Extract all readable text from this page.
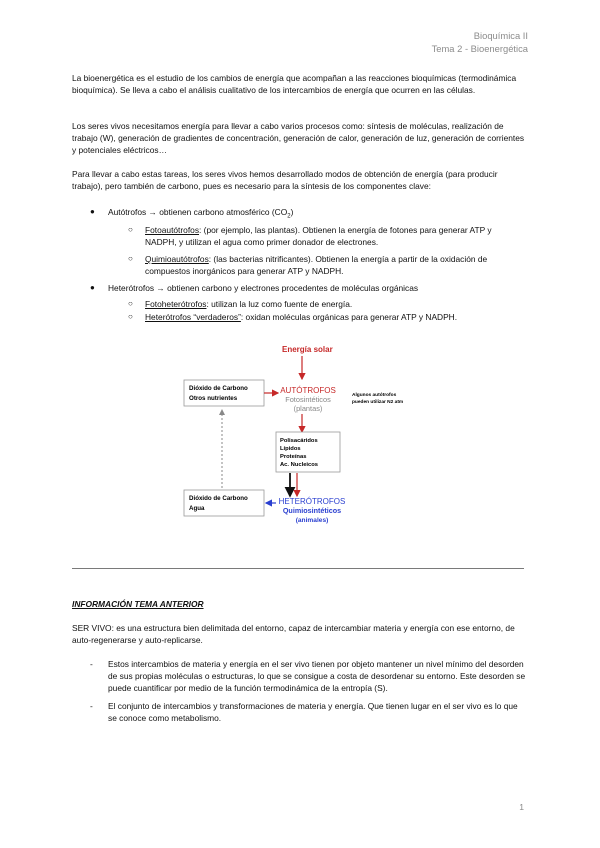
Bioquímica II
Tema 2 - Bioenergética

La bioenergética es el estudio de los cambios de energía que acompañan a las reacciones bioquímicas (termodinámica bioquímica). Se lleva a cabo el análisis cualitativo de los intercambios de energía que ocurren en las células.

Los seres vivos necesitamos energía para llevar a cabo varios procesos como: síntesis de moléculas, realización de trabajo (W), generación de gradientes de concentración, generación de calor, generación de luz, generación de corrientes y potenciales eléctricos…

Para llevar a cabo estas tareas, los seres vivos hemos desarrollado modos de obtención de energía (para producir trabajo), pero también de carbono, pues es necesario para la síntesis de los componentes clave:

● Autótrofos → obtienen carbono atmosférico $(CO_2)$
○ Fotoautótrofos: (por ejemplo, las plantas). Obtienen la energía de fotones para generar ATP y
NADPH, y utilizan el agua como primer donador de electrones.
○ Quimioautótrofos: (las bacterias nitrificantes). Obtienen la energía a partir de la oxidación de
compuestos inorgánicos para generar ATP y NADPH.
● Heterótrofos → obtienen carbono y electrones procedentes de moléculas orgánicas
○ Fotoheterótrofos: utilizan la luz como fuente de energía.
○ Heterótrofos “verdaderos”: oxidan moléculas orgánicas para generar ATP y NADPH.
Energía solar
Dióxido de Carbono
Otros nutrientes
AUTÓTROFOS
Fotosintéticos
(plantas)
Algunos autótrofos
pueden utilizar N2 atm
Polisacáridos
Lípidos
Proteínas
Ac. Nucleicos
HETERÓTROFOS
Quimiosintéticos
(animales)
Dióxido de Carbono
Agua
INFORMACIÓN TEMA ANTERIOR

SER VIVO: es una estructura bien delimitada del entorno, capaz de intercambiar materia y energía con ese entorno, de auto-regenerarse y auto-replicarse.

- Estos intercambios de materia y energía en el ser vivo tienen por objeto mantener un nivel mínimo del desorden de sus propias moléculas o estructuras, lo que se consigue a costa de desordenar su entorno. Este desorden se puede cuantificar por medio de la función termodinámica de la entropía (S).

- El conjunto de intercambios y transformaciones de materia y energía. Que tienen lugar en el ser vivo es lo que se conoce como metabolismo.

1
